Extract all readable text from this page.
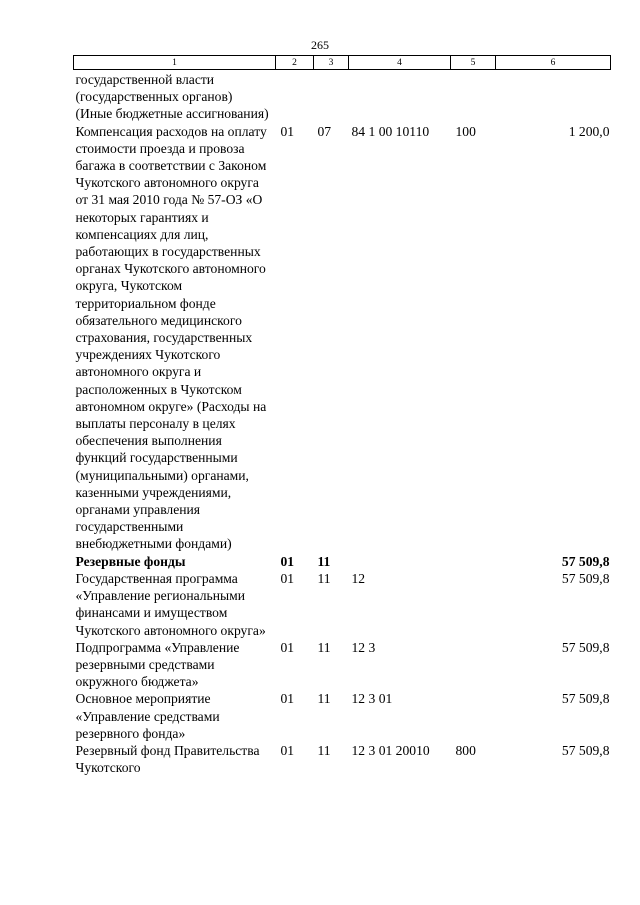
265
1	2	3	4	5	6
государственной власти (государственных органов) (Иные бюджетные ассигнования)					
Компенсация расходов на оплату стоимости проезда и провоза багажа в соответствии с Законом Чукотского автономного округа от 31 мая 2010 года № 57-ОЗ «О некоторых гарантиях и компенсациях для лиц, работающих в государственных органах Чукотского автономного округа, Чукотском территориальном фонде обязательного медицинского страхования, государственных учреждениях Чукотского автономного округа и расположенных в Чукотском автономном округе» (Расходы на выплаты персоналу в целях обеспечения выполнения функций государственными (муниципальными) органами, казенными учреждениями, органами управления государственными внебюджетными фондами)	01	07	84 1 00 10110	100	1 200,0
Резервные фонды	01	11			57 509,8
Государственная программа «Управление региональными финансами и имуществом Чукотского автономного округа»	01	11	12		57 509,8
Подпрограмма «Управление резервными средствами окружного бюджета»	01	11	12 3		57 509,8
Основное мероприятие «Управление средствами резервного фонда»	01	11	12 3 01		57 509,8
Резервный фонд Правительства Чукотского	01	11	12 3 01 20010	800	57 509,8
